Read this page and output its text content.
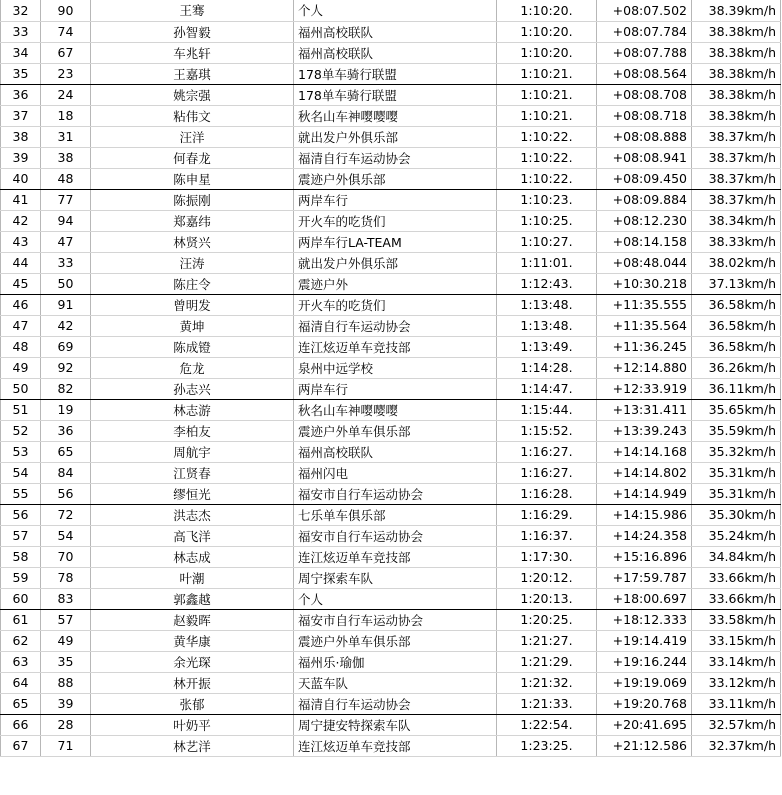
32	90	王骞	个人	1:10:20.	+08:07.502	38.39km/h
33	74	孙智毅	福州高校联队	1:10:20.	+08:07.784	38.38km/h
34	67	车兆轩	福州高校联队	1:10:20.	+08:07.788	38.38km/h
35	23	王嘉琪	178单车骑行联盟	1:10:21.	+08:08.564	38.38km/h
36	24	姚宗强	178单车骑行联盟	1:10:21.	+08:08.708	38.38km/h
37	18	粘伟文	秋名山车神嘤嘤嘤	1:10:21.	+08:08.718	38.38km/h
38	31	汪洋	就出发户外俱乐部	1:10:22.	+08:08.888	38.37km/h
39	38	何春龙	福清自行车运动协会	1:10:22.	+08:08.941	38.37km/h
40	48	陈申星	震迹户外俱乐部	1:10:22.	+08:09.450	38.37km/h
41	77	陈振刚	两岸车行	1:10:23.	+08:09.884	38.37km/h
42	94	郑嘉纬	开火车的吃货们	1:10:25.	+08:12.230	38.34km/h
43	47	林贤兴	两岸车行LA-TEAM	1:10:27.	+08:14.158	38.33km/h
44	33	汪涛	就出发户外俱乐部	1:11:01.	+08:48.044	38.02km/h
45	50	陈庄令	震迹户外	1:12:43.	+10:30.218	37.13km/h
46	91	曾明发	开火车的吃货们	1:13:48.	+11:35.555	36.58km/h
47	42	黄坤	福清自行车运动协会	1:13:48.	+11:35.564	36.58km/h
48	69	陈成镫	连江炫迈单车竞技部	1:13:49.	+11:36.245	36.58km/h
49	92	危龙	泉州中远学校	1:14:28.	+12:14.880	36.26km/h
50	82	孙志兴	两岸车行	1:14:47.	+12:33.919	36.11km/h
51	19	林志游	秋名山车神嘤嘤嘤	1:15:44.	+13:31.411	35.65km/h
52	36	李柏友	震迹户外单车俱乐部	1:15:52.	+13:39.243	35.59km/h
53	65	周航宇	福州高校联队	1:16:27.	+14:14.168	35.32km/h
54	84	江贤春	福州闪电	1:16:27.	+14:14.802	35.31km/h
55	56	缪恒光	福安市自行车运动协会	1:16:28.	+14:14.949	35.31km/h
56	72	洪志杰	七乐单车俱乐部	1:16:29.	+14:15.986	35.30km/h
57	54	高飞洋	福安市自行车运动协会	1:16:37.	+14:24.358	35.24km/h
58	70	林志成	连江炫迈单车竞技部	1:17:30.	+15:16.896	34.84km/h
59	78	叶潮	周宁探索车队	1:20:12.	+17:59.787	33.66km/h
60	83	郭鑫越	个人	1:20:13.	+18:00.697	33.66km/h
61	57	赵毅晖	福安市自行车运动协会	1:20:25.	+18:12.333	33.58km/h
62	49	黄华康	震迹户外单车俱乐部	1:21:27.	+19:14.419	33.15km/h
63	35	余光琛	福州乐·瑜伽	1:21:29.	+19:16.244	33.14km/h
64	88	林开振	天蓝车队	1:21:32.	+19:19.069	33.12km/h
65	39	张郁	福清自行车运动协会	1:21:33.	+19:20.768	33.11km/h
66	28	叶奶平	周宁捷安特探索车队	1:22:54.	+20:41.695	32.57km/h
67	71	林艺洋	连江炫迈单车竞技部	1:23:25.	+21:12.586	32.37km/h
